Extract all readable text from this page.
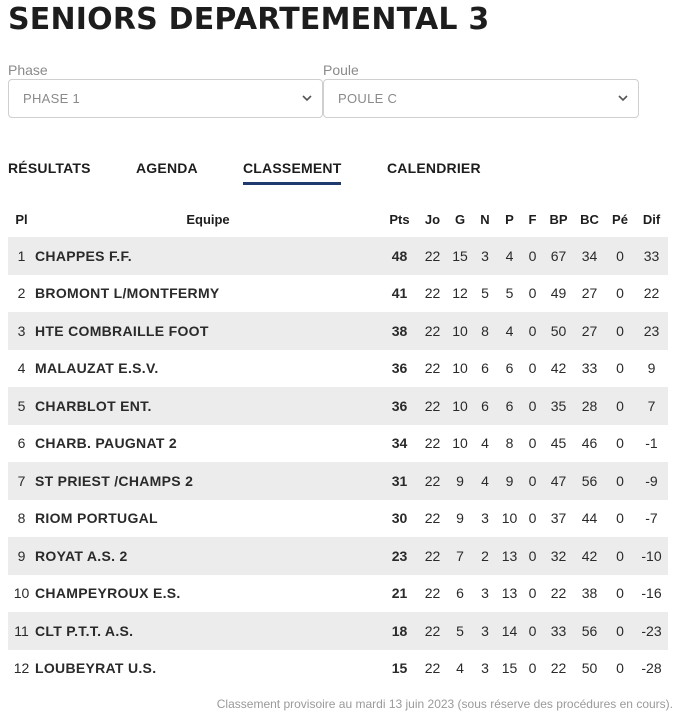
SENIORS DEPARTEMENTAL 3
Phase
PHASE 1
Poule
POULE C
RÉSULTATS	AGENDA	CLASSEMENT	CALENDRIER
Pl	Equipe	Pts	Jo	G	N	P	F	BP	BC	Pé	Dif
1	CHAPPES F.F.	48	22	15	3	4	0	67	34	0	33
2	BROMONT L/MONTFERMY	41	22	12	5	5	0	49	27	0	22
3	HTE COMBRAILLE FOOT	38	22	10	8	4	0	50	27	0	23
4	MALAUZAT E.S.V.	36	22	10	6	6	0	42	33	0	9
5	CHARBLOT ENT.	36	22	10	6	6	0	35	28	0	7
6	CHARB. PAUGNAT 2	34	22	10	4	8	0	45	46	0	-1
7	ST PRIEST /CHAMPS 2	31	22	9	4	9	0	47	56	0	-9
8	RIOM PORTUGAL	30	22	9	3	10	0	37	44	0	-7
9	ROYAT A.S. 2	23	22	7	2	13	0	32	42	0	-10
10	CHAMPEYROUX E.S.	21	22	6	3	13	0	22	38	0	-16
11	CLT P.T.T. A.S.	18	22	5	3	14	0	33	56	0	-23
12	LOUBEYRAT U.S.	15	22	4	3	15	0	22	50	0	-28
Classement provisoire au mardi 13 juin 2023 (sous réserve des procédures en cours).
